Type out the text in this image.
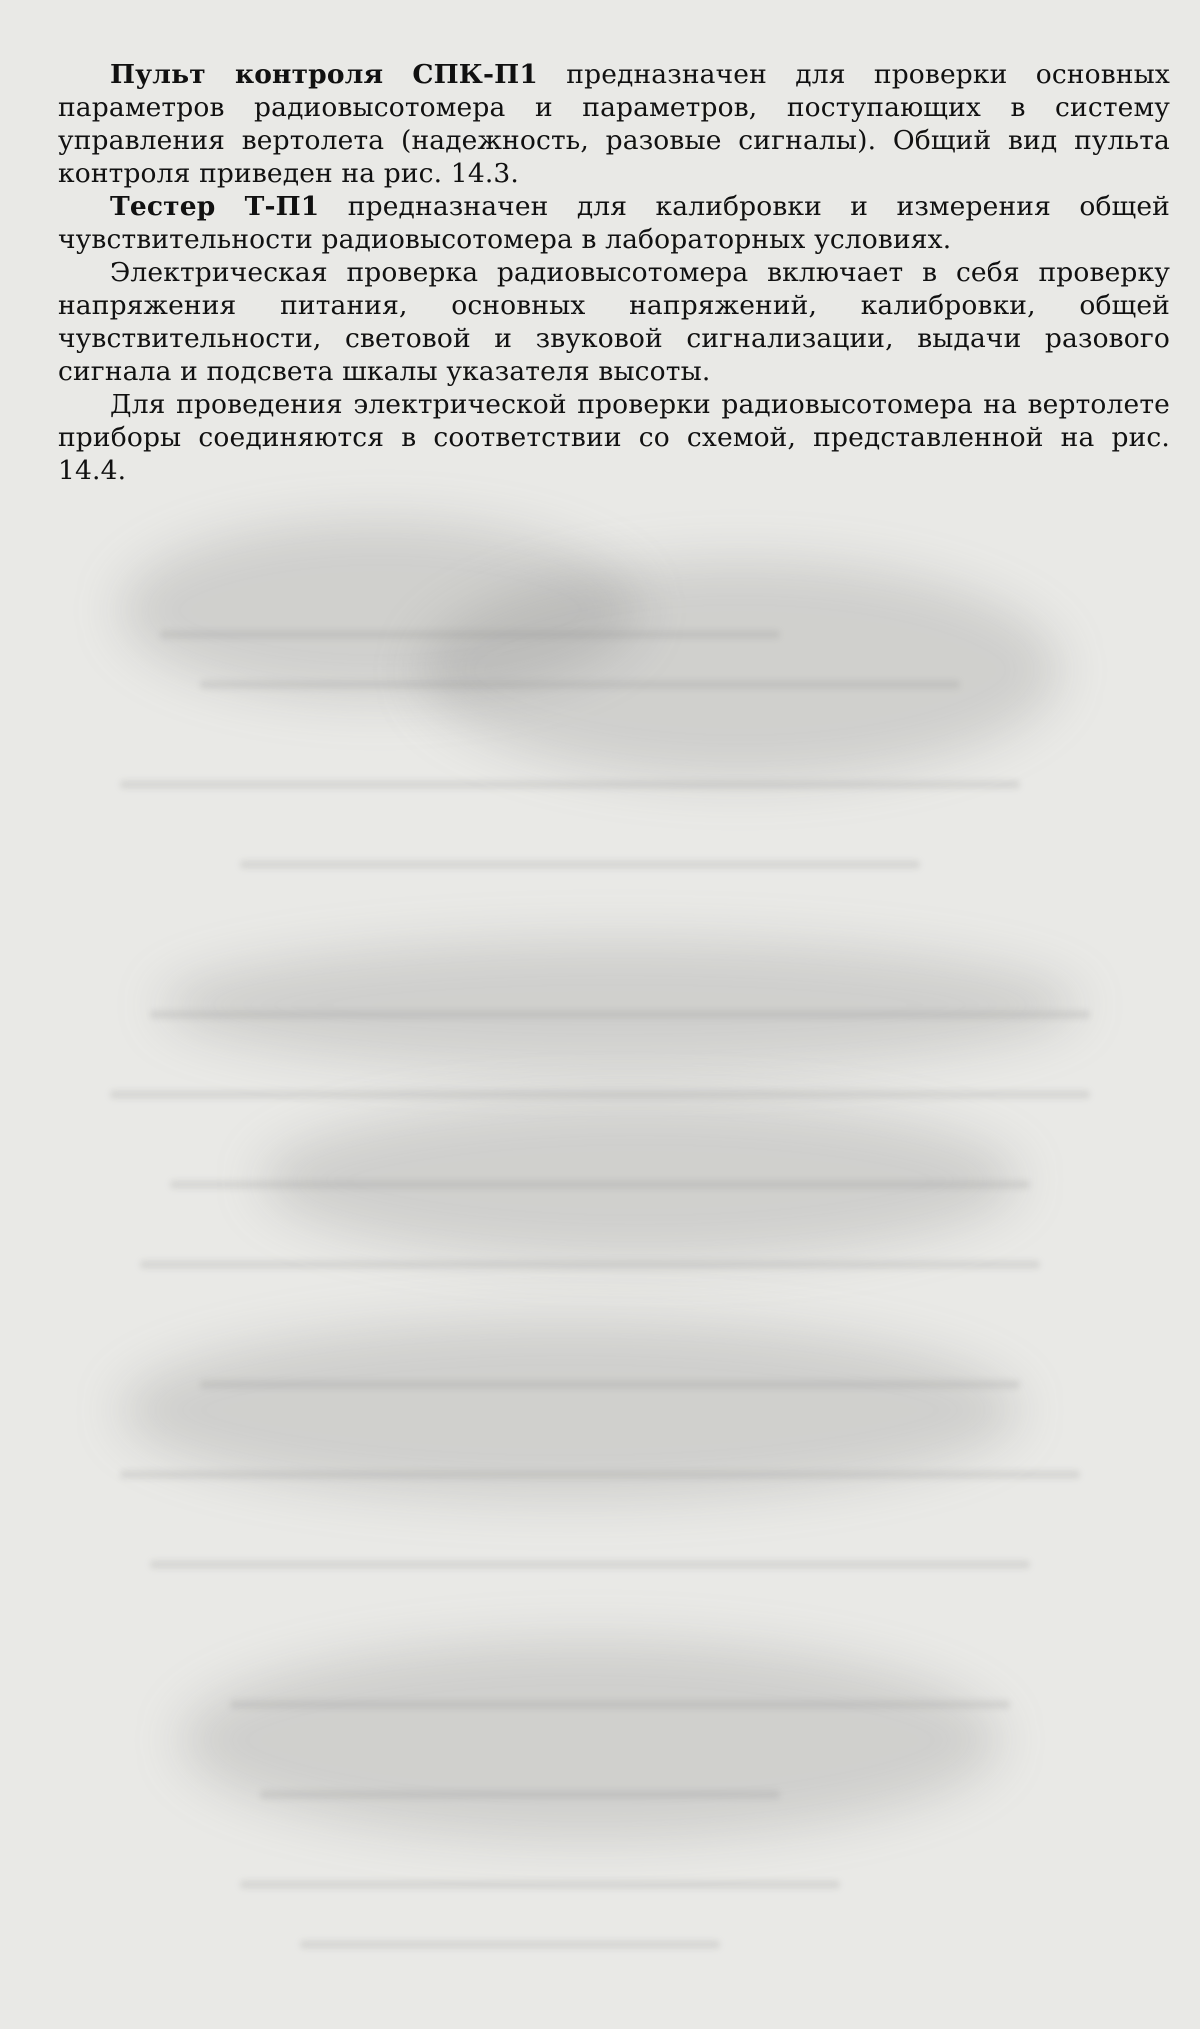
Пульт контроля СПК-П1 предназначен для проверки основных параметров радиовысотомера и параметров, поступающих в систему управления вертолета (надежность, разовые сигналы). Общий вид пульта контроля приведен на рис. 14.3.

Тестер Т-П1 предназначен для калибровки и измерения общей чувствительности радиовысотомера в лабораторных условиях.

Электрическая проверка радиовысотомера включает в себя проверку напряжения питания, основных напряжений, калибровки, общей чувствительности, световой и звуковой сигнализации, выдачи разового сигнала и подсвета шкалы указателя высоты.

Для проведения электрической проверки радиовысотомера на вертолете приборы соединяются в соответствии со схемой, представленной на рис. 14.4.
